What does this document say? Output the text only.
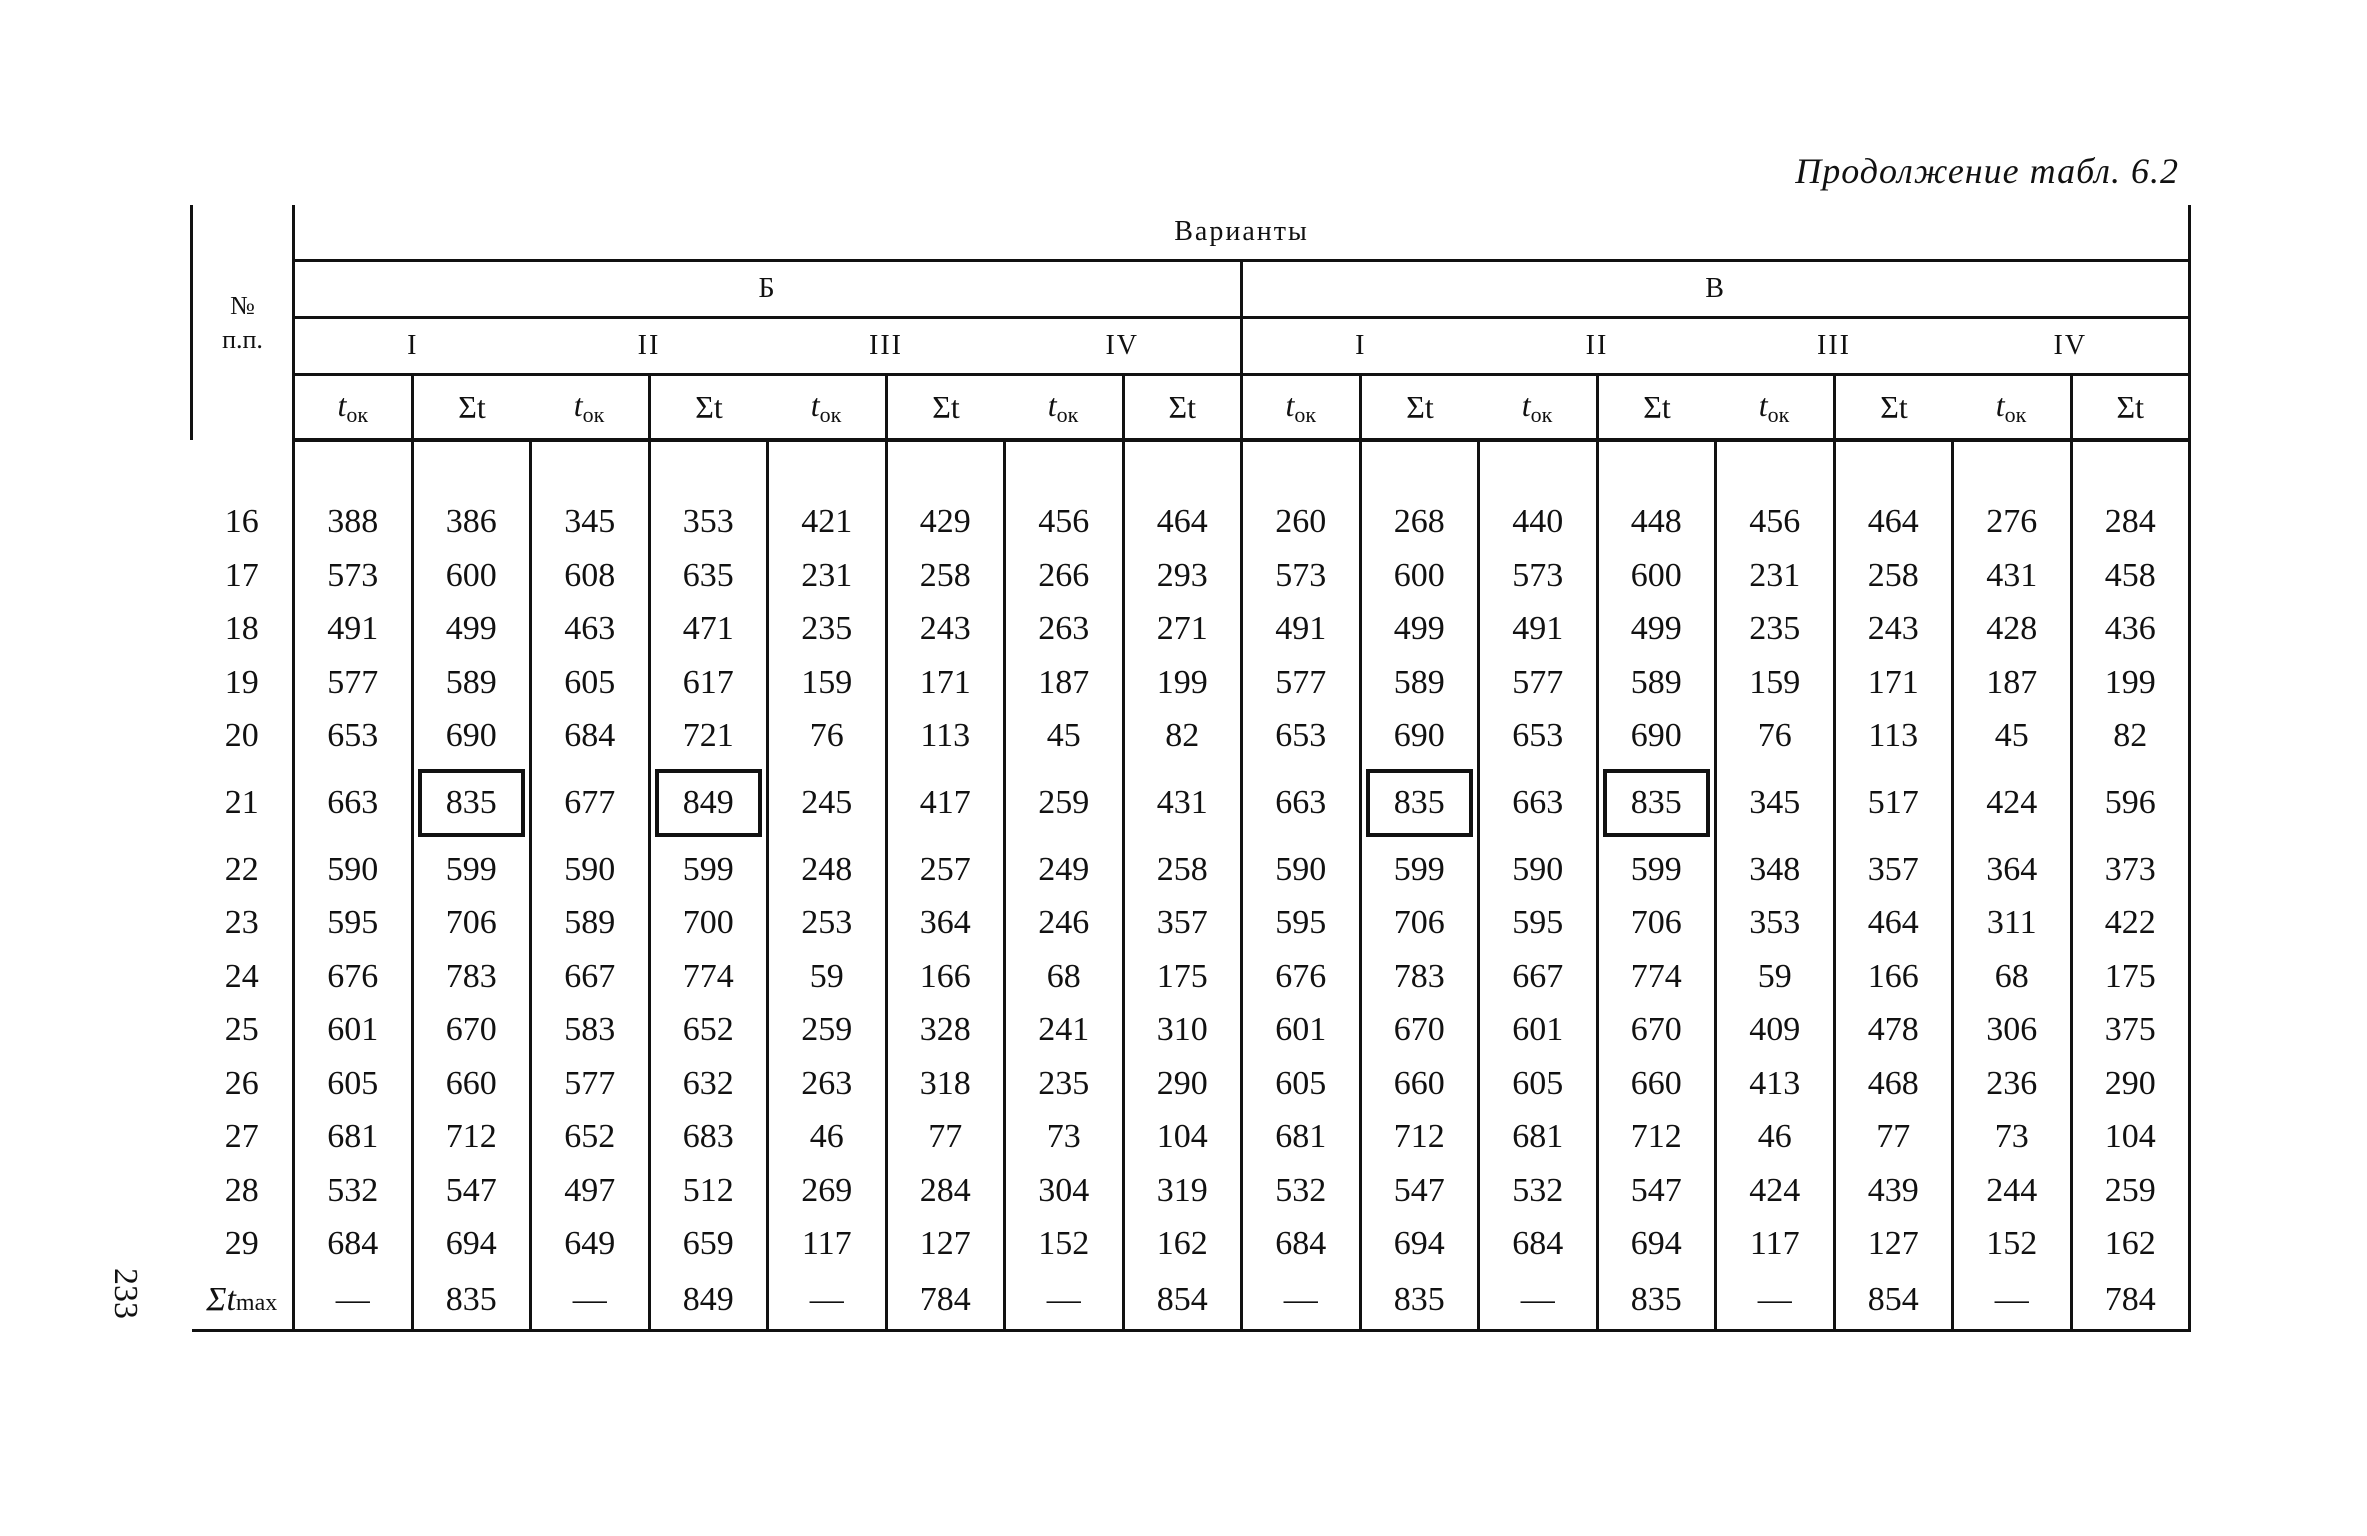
Продолжение табл. 6.2
233
№
п.п.	Варианты															
	Б								В							
	I		II		III		IV		I		II		III		IV	
	$t_{ок}$	Σt	$t_{ок}$	Σt	$t_{ок}$	Σt	$t_{ок}$	Σt	$t_{ок}$	Σt	$t_{ок}$	Σt	$t_{ок}$	Σt	$t_{ок}$	Σt

16	388	386	345	353	421	429	456	464	260	268	440	448	456	464	276	284
17	573	600	608	635	231	258	266	293	573	600	573	600	231	258	431	458
18	491	499	463	471	235	243	263	271	491	499	491	499	235	243	428	436
19	577	589	605	617	159	171	187	199	577	589	577	589	159	171	187	199
20	653	690	684	721	76	113	45	82	653	690	653	690	76	113	45	82
21	663	835	677	849	245	417	259	431	663	835	663	835	345	517	424	596
22	590	599	590	599	248	257	249	258	590	599	590	599	348	357	364	373
23	595	706	589	700	253	364	246	357	595	706	595	706	353	464	311	422
24	676	783	667	774	59	166	68	175	676	783	667	774	59	166	68	175
25	601	670	583	652	259	328	241	310	601	670	601	670	409	478	306	375
26	605	660	577	632	263	318	235	290	605	660	605	660	413	468	236	290
27	681	712	652	683	46	77	73	104	681	712	681	712	46	77	73	104
28	532	547	497	512	269	284	304	319	532	547	532	547	424	439	244	259
29	684	694	649	659	117	127	152	162	684	694	684	694	117	127	152	162
Σtmax	—	835	—	849	—	784	—	854	—	835	—	835	—	854	—	784
